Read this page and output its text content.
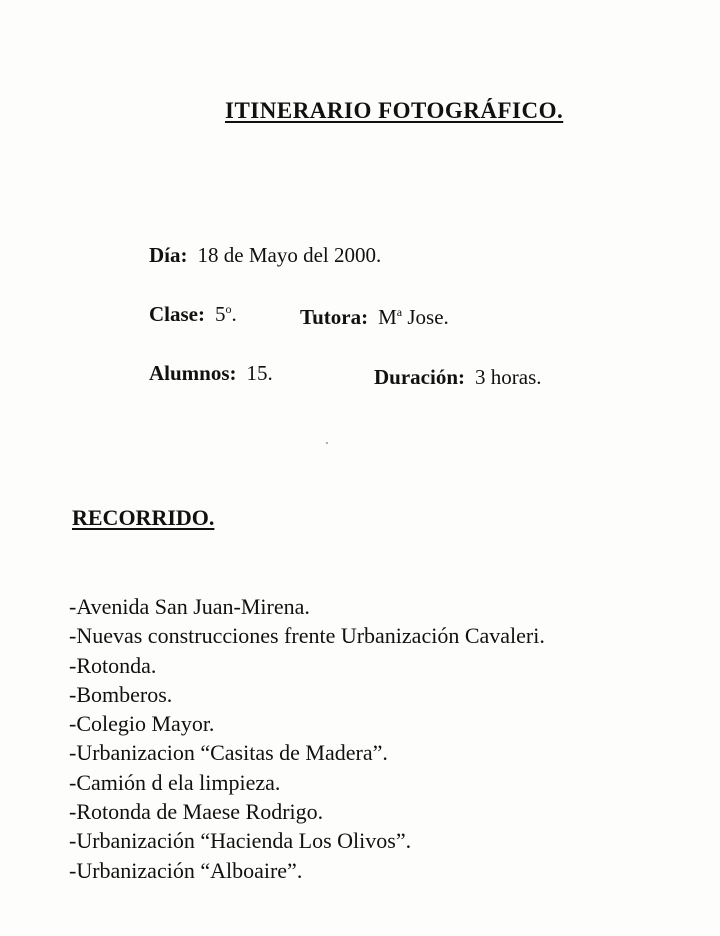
ITINERARIO FOTOGRÁFICO.
Día: 18 de Mayo del 2000.
Clase: 5$^o$.	Tutora: $M^a$ Jose.
Alumnos: 15.	Duración: 3 horas.
RECORRIDO.
-Avenida San Juan-Mirena.
-Nuevas construcciones frente Urbanización Cavaleri.
-Rotonda.
-Bomberos.
-Colegio Mayor.
-Urbanizacion “Casitas de Madera”.
-Camión d ela limpieza.
-Rotonda de Maese Rodrigo.
-Urbanización “Hacienda Los Olivos”.
-Urbanización “Alboaire”.
